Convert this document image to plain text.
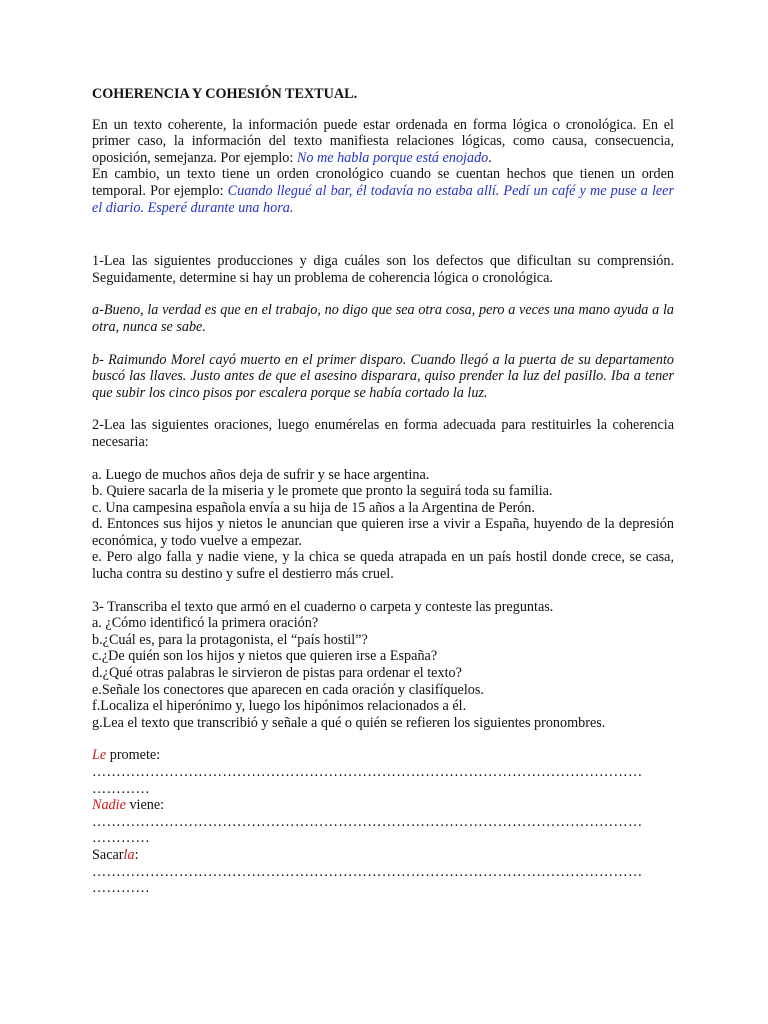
COHERENCIA Y COHESIÓN TEXTUAL.

En un texto coherente, la información puede estar ordenada en forma lógica o cronológica. En el primer caso, la información del texto manifiesta relaciones lógicas, como causa, consecuencia, oposición, semejanza. Por ejemplo: No me habla porque está enojado.

En cambio, un texto tiene un orden cronológico cuando se cuentan hechos que tienen un orden temporal. Por ejemplo: Cuando llegué al bar, él todavía no estaba allí. Pedí un café y me puse a leer el diario. Esperé durante una hora.

1-Lea las siguientes producciones y diga cuáles son los defectos que dificultan su comprensión. Seguidamente, determine si hay un problema de coherencia lógica o cronológica.

a-Bueno, la verdad es que en el trabajo, no digo que sea otra cosa, pero a veces una mano ayuda a la otra, nunca se sabe.

b- Raimundo Morel cayó muerto en el primer disparo. Cuando llegó a la puerta de su departamento buscó las llaves. Justo antes de que el asesino disparara, quiso prender la luz del pasillo. Iba a tener que subir los cinco pisos por escalera porque se había cortado la luz.

2-Lea las siguientes oraciones, luego enumérelas en forma adecuada para restituirles la coherencia necesaria:

a. Luego de muchos años deja de sufrir y se hace argentina.

b. Quiere sacarla de la miseria y le promete que pronto la seguirá toda su familia.

c. Una campesina española envía a su hija de 15 años a la Argentina de Perón.

d. Entonces sus hijos y nietos le anuncian que quieren irse a vivir a España, huyendo de la depresión económica, y todo vuelve a empezar.

e. Pero algo falla y nadie viene, y la chica se queda atrapada en un país hostil donde crece, se casa, lucha contra su destino y sufre el destierro más cruel.

3- Transcriba el texto que armó en el cuaderno o carpeta y conteste las preguntas.

a. ¿Cómo identificó la primera oración?

b.¿Cuál es, para la protagonista, el “país hostil”?

c.¿De quién son los hijos y nietos que quieren irse a España?

d.¿Qué otras palabras le sirvieron de pistas para ordenar el texto?

e.Señale los conectores que aparecen en cada oración y clasifíquelos.

f.Localiza el hiperónimo y, luego los hipónimos relacionados a él.

g.Lea el texto que transcribió y señale a qué o quién se refieren los siguientes pronombres.

Le promete:
……………………………………………………………………………………………………
…………
Nadie viene:
……………………………………………………………………………………………………
…………
Sacarla:
……………………………………………………………………………………………………
…………
